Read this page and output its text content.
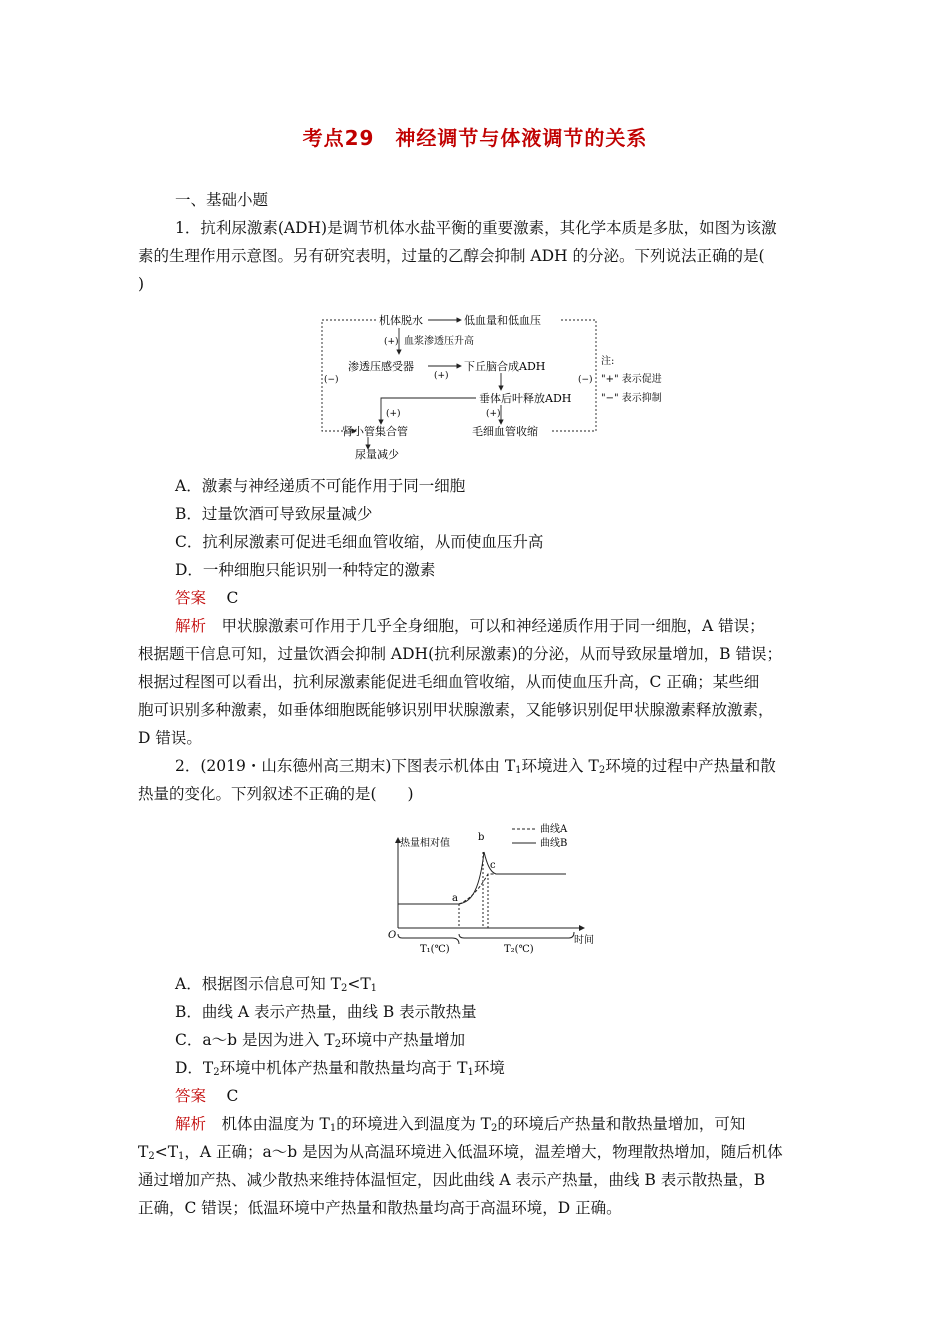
考点29　神经调节与体液调节的关系
一、基础小题
1．抗利尿激素(ADH)是调节机体水盐平衡的重要激素，其化学本质是多肽，如图为该激
素的生理作用示意图。另有研究表明，过量的乙醇会抑制 ADH 的分泌。下列说法正确的是(
)
机体脱水	低血量和低血压
(+) 血浆渗透压升高
渗透压感受器
(+)
下丘脑合成ADH
垂体后叶释放ADH
(−)	(−)
(+)	(+)
肾小管集合管	毛细血管收缩
尿量减少
注:
"+" 表示促进
"−" 表示抑制
A．激素与神经递质不可能作用于同一细胞
B．过量饮酒可导致尿量减少
C．抗利尿激素可促进毛细血管收缩，从而使血压升高
D．一种细胞只能识别一种特定的激素
答案　 C
解析　 甲状腺激素可作用于几乎全身细胞，可以和神经递质作用于同一细胞，A 错误；
根据题干信息可知，过量饮酒会抑制 ADH(抗利尿激素)的分泌，从而导致尿量增加，B 错误；
根据过程图可以看出，抗利尿激素能促进毛细血管收缩，从而使血压升高，C 正确；某些细
胞可识别多种激素，如垂体细胞既能够识别甲状腺激素，又能够识别促甲状腺激素释放激素，
D 错误。
2．(2019・山东德州高三期末)下图表示机体由 $T_1$环境进入 $T_2$环境的过程中产热量和散
热量的变化。下列叙述不正确的是(　　)
热量相对值
O	时间
a
b
c
T₁(℃)	T₂(℃)
曲线A
曲线B
A．根据图示信息可知 $T_2<T_1$
B．曲线 A 表示产热量，曲线 B 表示散热量
C．a～b 是因为进入 $T_2$环境中产热量增加
D．$T_2$环境中机体产热量和散热量均高于 $T_1$环境
答案　 C
解析　 机体由温度为 $T_1$的环境进入到温度为 $T_2$的环境后产热量和散热量增加，可知
$T_2<T_1$，A 正确；a～b 是因为从高温环境进入低温环境，温差增大，物理散热增加，随后机体
通过增加产热、减少散热来维持体温恒定，因此曲线 A 表示产热量，曲线 B 表示散热量，B
正确，C 错误；低温环境中产热量和散热量均高于高温环境，D 正确。
